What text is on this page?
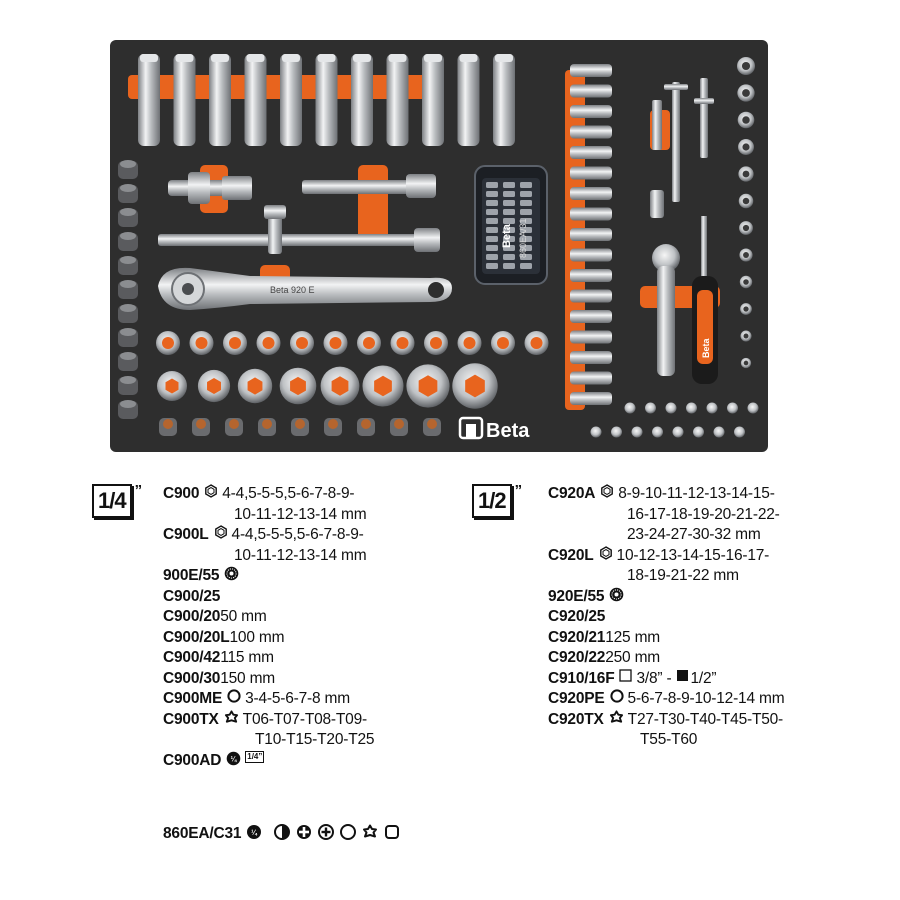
Beta 920 E
Beta 860EA/31
Beta
Beta
1/4 ” C900 4-4,5-5-5,5-6-7-8-9-
10-11-12-13-14 mm
C900L 4-4,5-5-5,5-6-7-8-9-
10-11-12-13-14 mm
900E/55
C900/25
C900/20 50 mm
C900/20L 100 mm
C900/42 115 mm
C900/30 150 mm
C900ME 3-4-5-6-7-8 mm
C900TX T06-T07-T08-T09-
T10-T15-T20-T25
C900AD ¼ 1/4”
860EA/C31 ¼
1/2 ” C920A 8-9-10-11-12-13-14-15-
16-17-18-19-20-21-22-
23-24-27-30-32 mm
C920L 10-12-13-14-15-16-17-
18-19-21-22 mm
920E/55
C920/25
C920/21 125 mm
C920/22 250 mm
C910/16F 3/8” - 1/2”
C920PE 5-6-7-8-9-10-12-14 mm
C920TX T27-T30-T40-T45-T50-
T55-T60
